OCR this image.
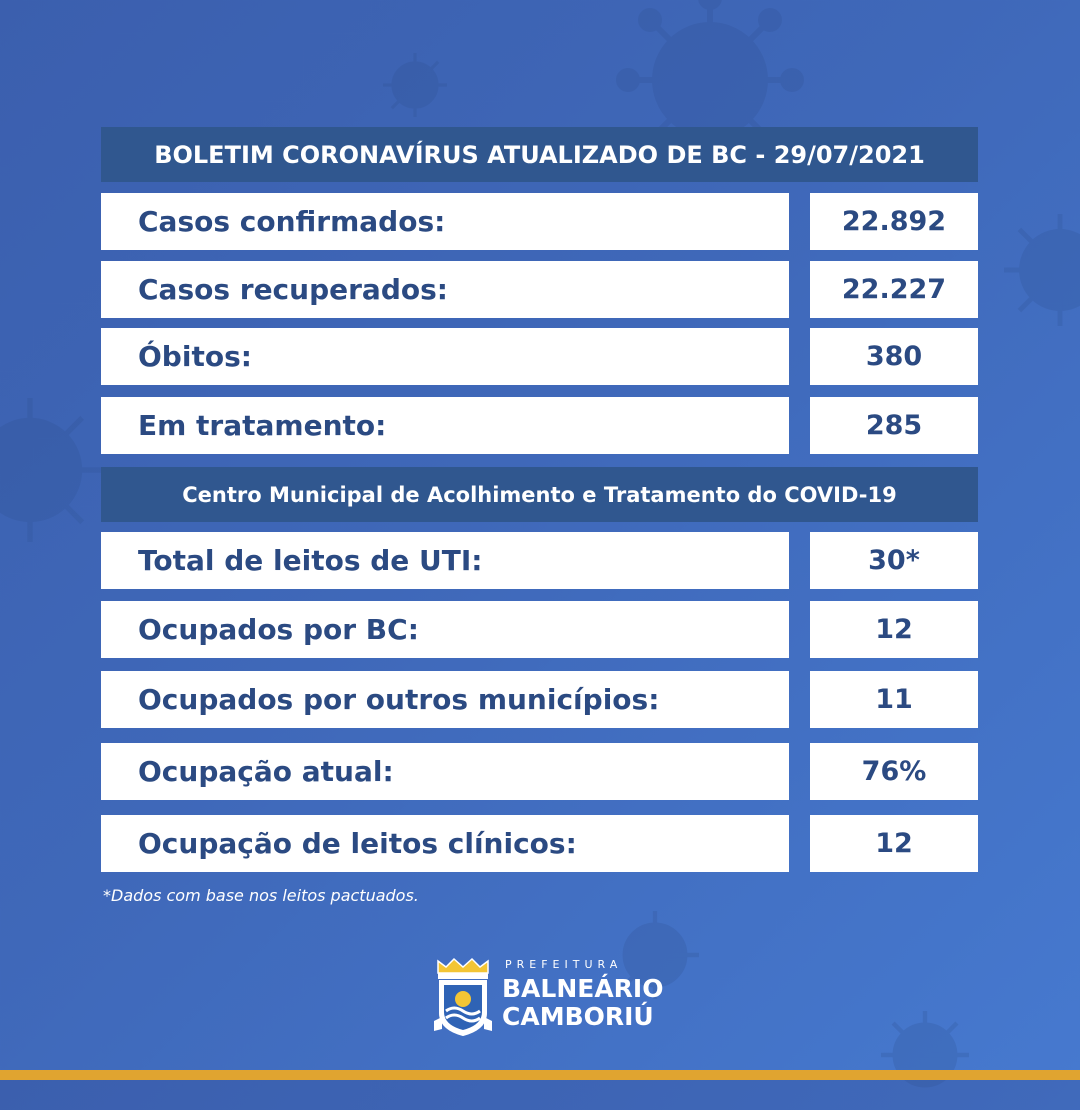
BOLETIM CORONAVÍRUS ATUALIZADO DE BC - 29/07/2021
Casos confirmados:	22.892
Casos recuperados:	22.227
Óbitos:	380
Em tratamento:	285
Centro Municipal de Acolhimento e Tratamento do COVID-19
Total de leitos de UTI:	30*
Ocupados por BC:	12
Ocupados por outros municípios:	11
Ocupação atual:	76%
Ocupação de leitos clínicos:	12
*Dados com base nos leitos pactuados.
PREFEITURA
BALNEÁRIO
CAMBORIÚ
